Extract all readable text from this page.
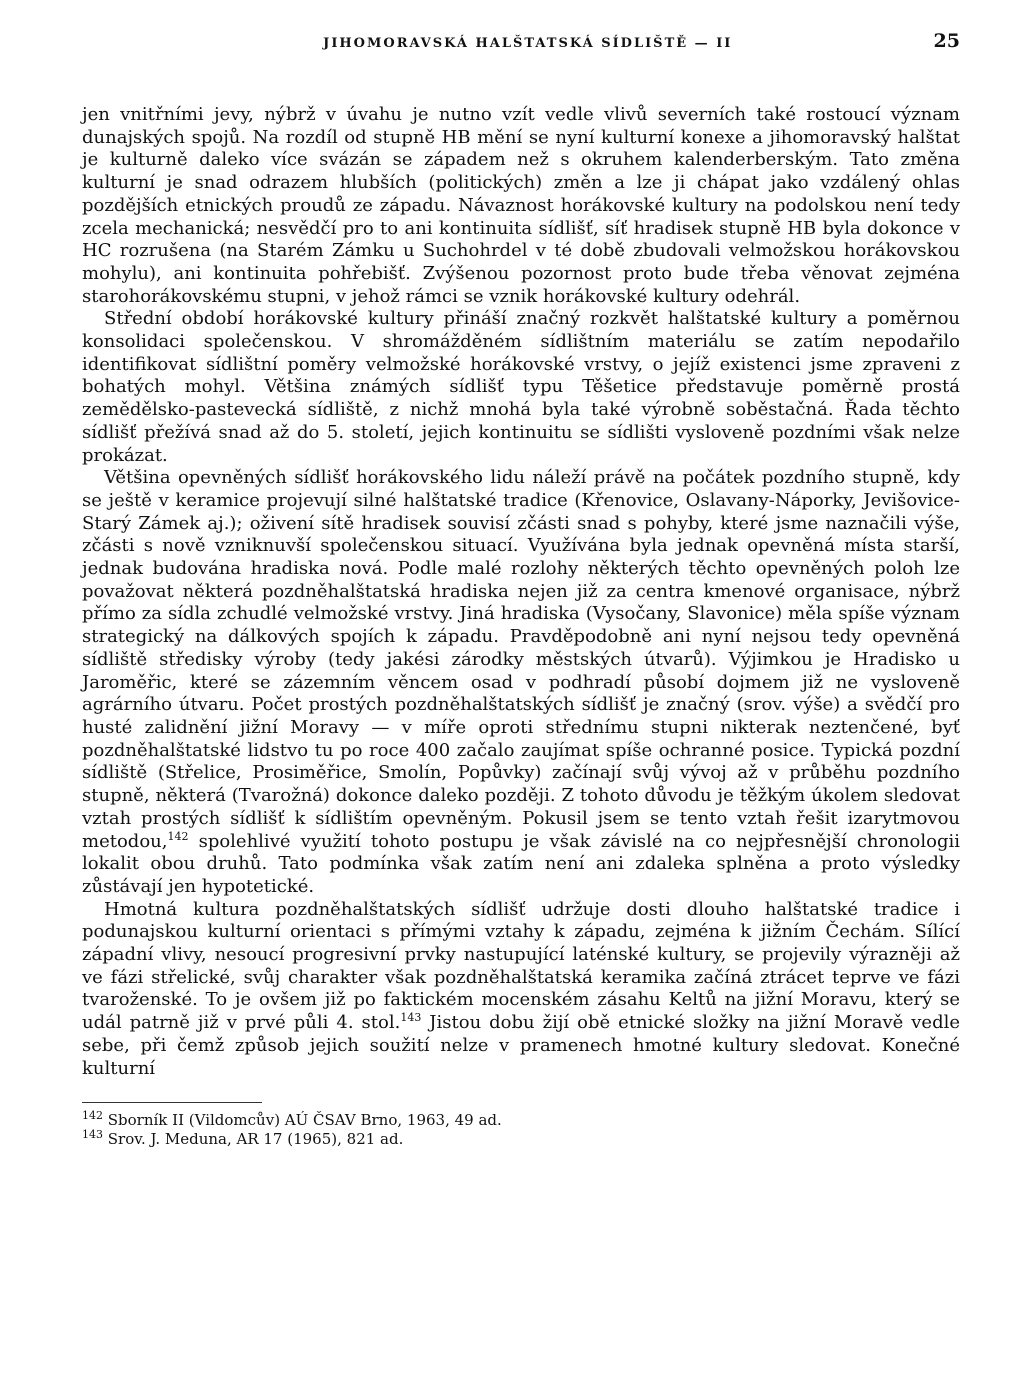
JIHOMORAVSKÁ HALŠTATSKÁ SÍDLIŠTĚ — II	25

jen vnitřními jevy, nýbrž v úvahu je nutno vzít vedle vlivů severních také rostoucí význam dunajských spojů. Na rozdíl od stupně HB mění se nyní kulturní konexe a jihomoravský halštat je kulturně daleko více svázán se západem než s okruhem kalenderberským. Tato změna kulturní je snad odrazem hlubších (politických) změn a lze ji chápat jako vzdálený ohlas pozdějších etnických proudů ze západu. Návaznost horákovské kultury na podolskou není tedy zcela mechanická; nesvědčí pro to ani kontinuita sídlišť, síť hradisek stupně HB byla dokonce v HC rozrušena (na Starém Zámku u Suchohrdel v té době zbudovali velmožskou horákovskou mohylu), ani kontinuita pohřebišť. Zvýšenou pozornost proto bude třeba věnovat zejména starohorákovskému stupni, v jehož rámci se vznik horákovské kultury odehrál.

Střední období horákovské kultury přináší značný rozkvět halštatské kultury a poměrnou konsolidaci společenskou. V shromážděném sídlištním materiálu se zatím nepodařilo identifikovat sídlištní poměry velmožské horákovské vrstvy, o jejíž existenci jsme zpraveni z bohatých mohyl. Většina známých sídlišť typu Těšetice představuje poměrně prostá zemědělsko-pastevecká sídliště, z nichž mnohá byla také výrobně soběstačná. Řada těchto sídlišť přežívá snad až do 5. století, jejich kontinuitu se sídlišti vysloveně pozdními však nelze prokázat.

Většina opevněných sídlišť horákovského lidu náleží právě na počátek pozdního stupně, kdy se ještě v keramice projevují silné halštatské tradice (Křenovice, Oslavany-Náporky, Jevišovice-Starý Zámek aj.); oživení sítě hradisek souvisí zčásti snad s pohyby, které jsme naznačili výše, zčásti s nově vzniknuvší společenskou situací. Využívána byla jednak opevněná místa starší, jednak budována hradiska nová. Podle malé rozlohy některých těchto opevněných poloh lze považovat některá pozdněhalštatská hradiska nejen již za centra kmenové organisace, nýbrž přímo za sídla zchudlé velmožské vrstvy. Jiná hradiska (Vysočany, Slavonice) měla spíše význam strategický na dálkových spojích k západu. Pravděpodobně ani nyní nejsou tedy opevněná sídliště středisky výroby (tedy jakési zárodky městských útvarů). Výjimkou je Hradisko u Jaroměřic, které se zázemním věncem osad v podhradí působí dojmem již ne vysloveně agrárního útvaru. Počet prostých pozdněhalštatských sídlišť je značný (srov. výše) a svědčí pro husté zalidnění jižní Moravy — v míře oproti střednímu stupni nikterak neztenčené, byť pozdněhalštatské lidstvo tu po roce 400 začalo zaujímat spíše ochranné posice. Typická pozdní sídliště (Střelice, Prosiměřice, Smolín, Popůvky) začínají svůj vývoj až v průběhu pozdního stupně, některá (Tvarožná) dokonce daleko později. Z tohoto důvodu je těžkým úkolem sledovat vztah prostých sídlišť k sídlištím opevněným. Pokusil jsem se tento vztah řešit izarytmovou metodou,$^{142}$ spolehlivé využití tohoto postupu je však závislé na co nejpřesnější chronologii lokalit obou druhů. Tato podmínka však zatím není ani zdaleka splněna a proto výsledky zůstávají jen hypotetické.

Hmotná kultura pozdněhalštatských sídlišť udržuje dosti dlouho halštatské tradice i podunajskou kulturní orientaci s přímými vztahy k západu, zejména k jižním Čechám. Sílící západní vlivy, nesoucí progresivní prvky nastupující laténské kultury, se projevily výrazněji až ve fázi střelické, svůj charakter však pozdněhalštatská keramika začíná ztrácet teprve ve fázi tvaroženské. To je ovšem již po faktickém mocenském zásahu Keltů na jižní Moravu, který se udál patrně již v prvé půli 4. stol.$^{143}$ Jistou dobu žijí obě etnické složky na jižní Moravě vedle sebe, při čemž způsob jejich soužití nelze v pramenech hmotné kultury sledovat. Konečné kulturní

$^{142}$ Sborník II (Vildomcův) AÚ ČSAV Brno, 1963, 49 ad.

$^{143}$ Srov. J. Meduna, AR 17 (1965), 821 ad.
